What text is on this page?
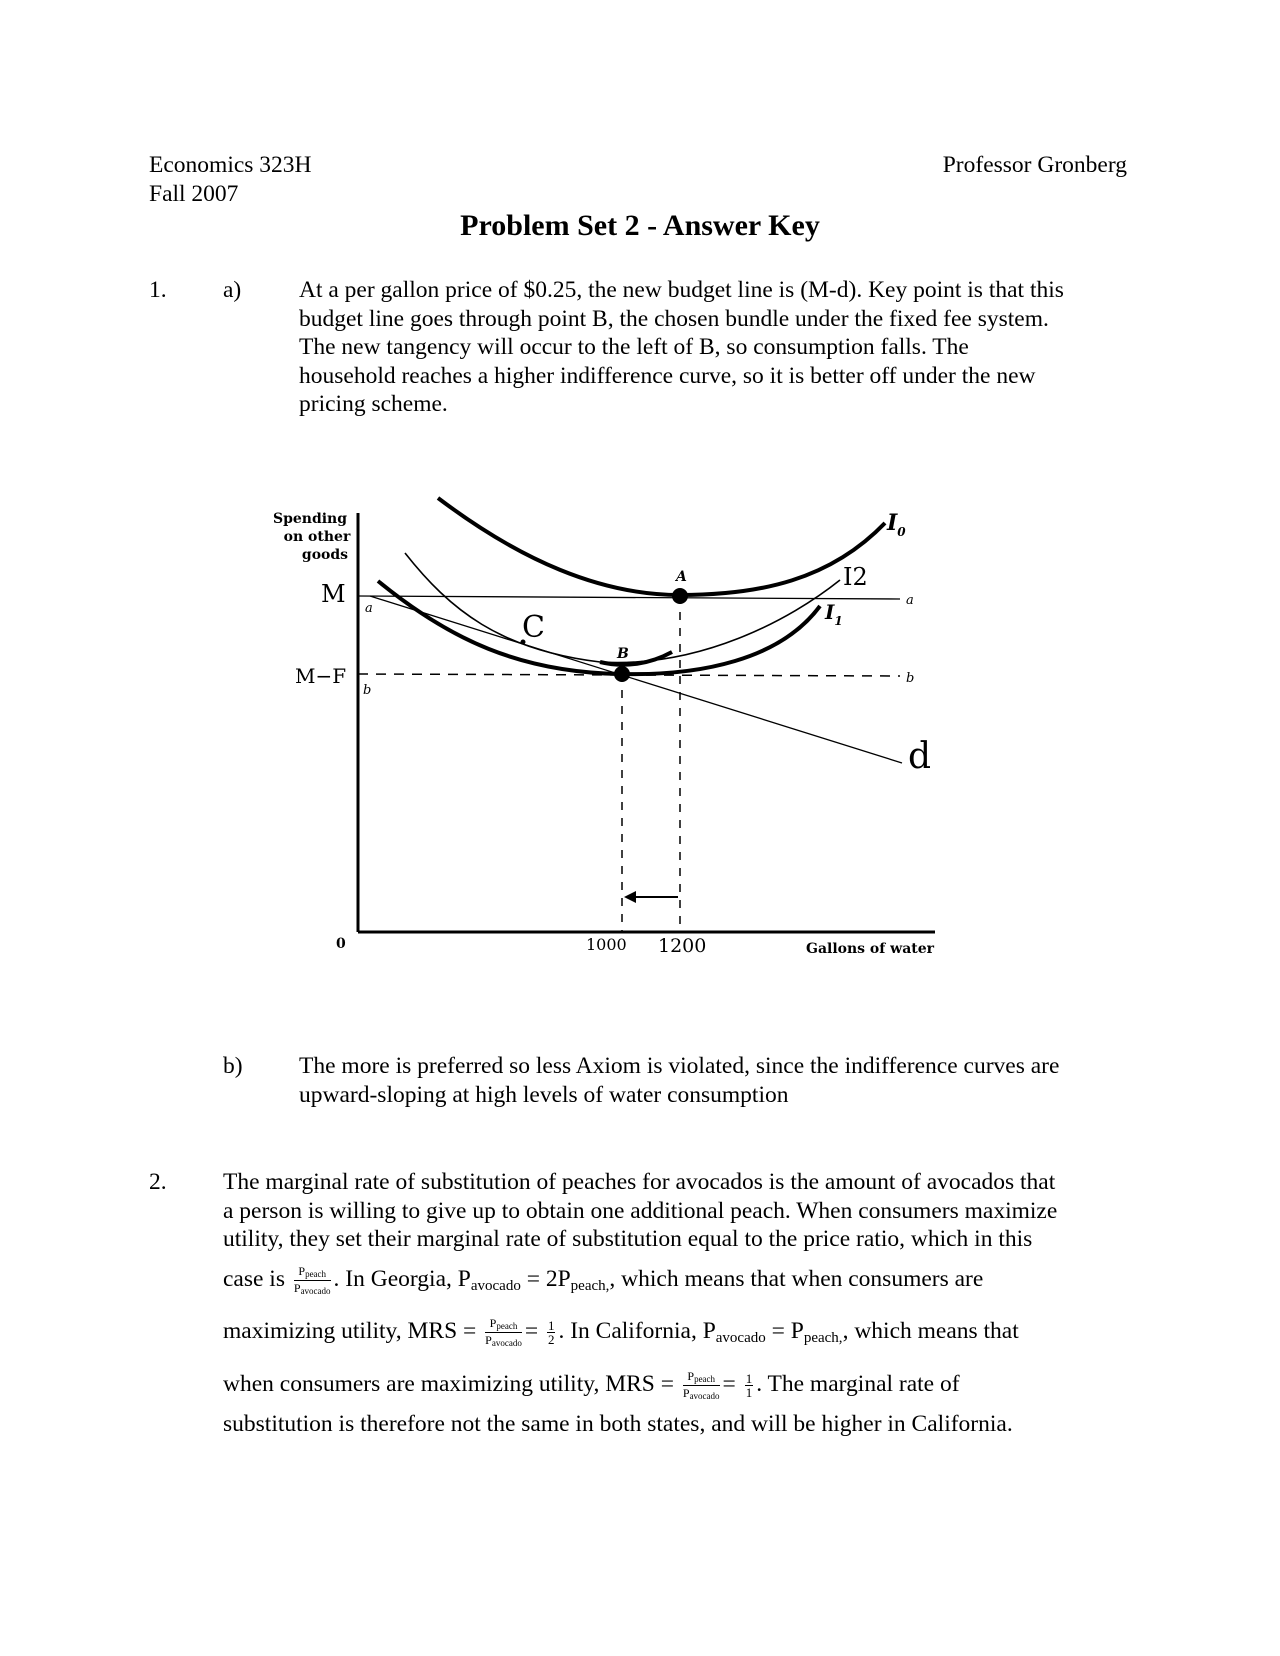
Economics 323H
Fall 2007
Professor Gronberg
Problem Set 2 - Answer Key
1. a) At a per gallon price of $0.25, the new budget line is (M-d). Key point is that this
budget line goes through point B, the chosen bundle under the fixed fee system.
The new tangency will occur to the left of B, so consumption falls. The
household reaches a higher indifference curve, so it is better off under the new
pricing scheme.
Spending
on other
goods
M
M−F
a
a
b
b
d
$I_0$
$I_1$
I2
C
A
B
0	1000 1200	Gallons of water
b) The more is preferred so less Axiom is violated, since the indifference curves are
upward-sloping at high levels of water consumption
2. The marginal rate of substitution of peaches for avocados is the amount of avocados that
a person is willing to give up to obtain one additional peach. When consumers maximize
utility, they set their marginal rate of substitution equal to the price ratio, which in this
case is $\frac{P_{peach}}{P_{avocado}}$ . In Georgia, $P_{avocado} = 2P_{peach,}$, which means that when consumers are
maximizing utility, MRS = $\frac{P_{peach}}{P_{avocado}} = \frac{1}{2}$ . In California, $P_{avocado} = P_{peach,}$, which means that
when consumers are maximizing utility, MRS = $\frac{P_{peach}}{P_{avocado}} = \frac{1}{1}$ . The marginal rate of
substitution is therefore not the same in both states, and will be higher in California.
